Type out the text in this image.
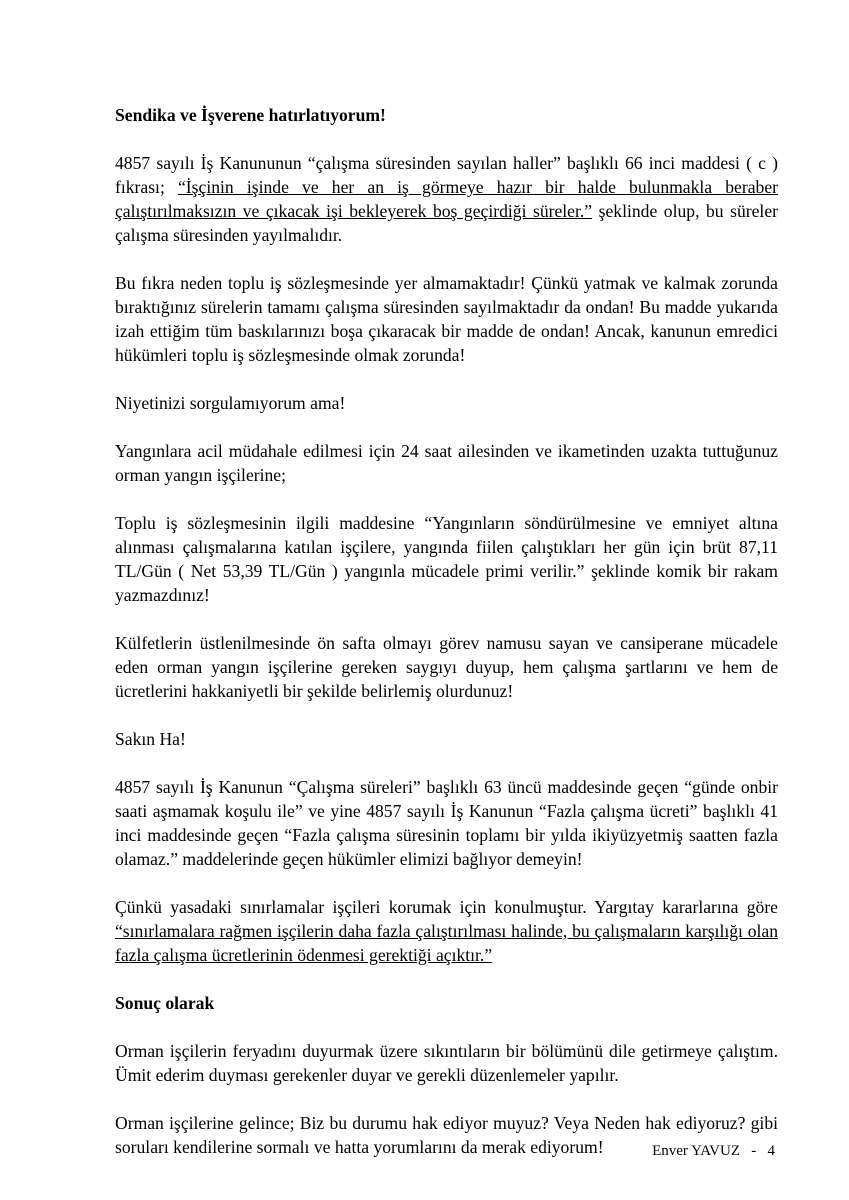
Sendika ve İşverene hatırlatıyorum!

4857 sayılı İş Kanununun “çalışma süresinden sayılan haller” başlıklı 66 inci maddesi ( c ) fıkrası; “İşçinin işinde ve her an iş görmeye hazır bir halde bulunmakla beraber çalıştırılmaksızın ve çıkacak işi bekleyerek boş geçirdiği süreler.” şeklinde olup, bu süreler çalışma süresinden yayılmalıdır.

Bu fıkra neden toplu iş sözleşmesinde yer almamaktadır! Çünkü yatmak ve kalmak zorunda bıraktığınız sürelerin tamamı çalışma süresinden sayılmaktadır da ondan! Bu madde yukarıda izah ettiğim tüm baskılarınızı boşa çıkaracak bir madde de ondan! Ancak, kanunun emredici hükümleri toplu iş sözleşmesinde olmak zorunda!

Niyetinizi sorgulamıyorum ama!

Yangınlara acil müdahale edilmesi için 24 saat ailesinden ve ikametinden uzakta tuttuğunuz orman yangın işçilerine;

Toplu iş sözleşmesinin ilgili maddesine “Yangınların söndürülmesine ve emniyet altına alınması çalışmalarına katılan işçilere, yangında fiilen çalıştıkları her gün için brüt 87,11 TL/Gün ( Net 53,39 TL/Gün ) yangınla mücadele primi verilir.” şeklinde komik bir rakam yazmazdınız!

Külfetlerin üstlenilmesinde ön safta olmayı görev namusu sayan ve cansiperane mücadele eden orman yangın işçilerine gereken saygıyı duyup, hem çalışma şartlarını ve hem de ücretlerini hakkaniyetli bir şekilde belirlemiş olurdunuz!

Sakın Ha!

4857 sayılı İş Kanunun “Çalışma süreleri” başlıklı 63 üncü maddesinde geçen “günde onbir saati aşmamak koşulu ile” ve yine 4857 sayılı İş Kanunun “Fazla çalışma ücreti” başlıklı 41 inci maddesinde geçen “Fazla çalışma süresinin toplamı bir yılda ikiyüzyetmiş saatten fazla olamaz.” maddelerinde geçen hükümler elimizi bağlıyor demeyin!

Çünkü yasadaki sınırlamalar işçileri korumak için konulmuştur. Yargıtay kararlarına göre “sınırlamalara rağmen işçilerin daha fazla çalıştırılması halinde, bu çalışmaların karşılığı olan fazla çalışma ücretlerinin ödenmesi gerektiği açıktır.”

Sonuç olarak

Orman işçilerin feryadını duyurmak üzere sıkıntıların bir bölümünü dile getirmeye çalıştım. Ümit ederim duyması gerekenler duyar ve gerekli düzenlemeler yapılır.

Orman işçilerine gelince; Biz bu durumu hak ediyor muyuz? Veya Neden hak ediyoruz? gibi soruları kendilerine sormalı ve hatta yorumlarını da merak ediyorum!	Enver YAVUZ - 4
